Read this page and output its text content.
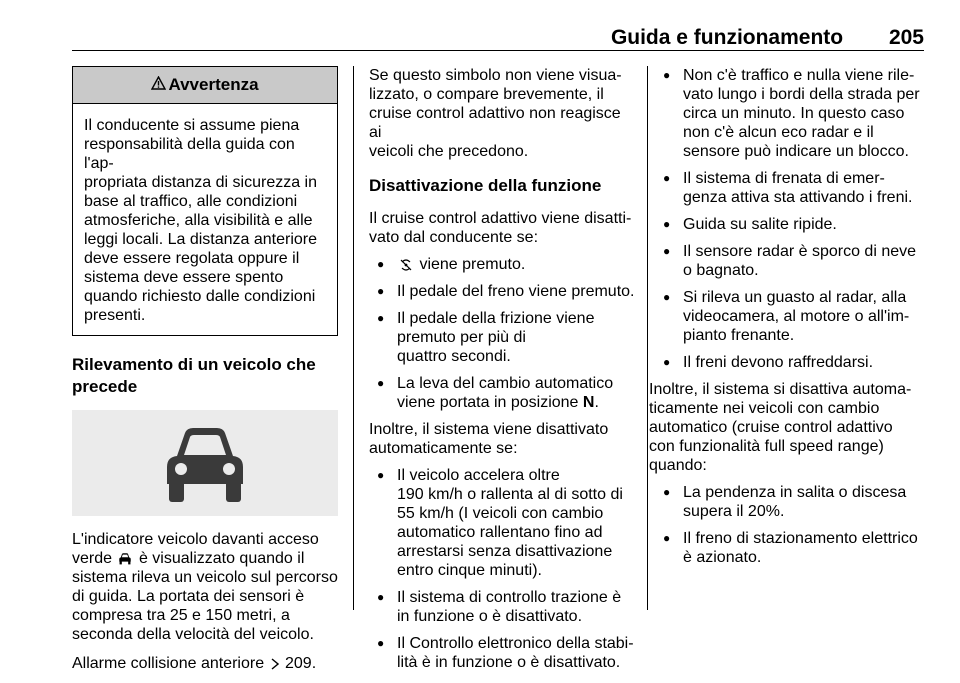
Guida e funzionamento 205
Avvertenza
Il conducente si assume piena
responsabilità della guida con l'ap-
propriata distanza di sicurezza in
base al traffico, alle condizioni
atmosferiche, alla visibilità e alle
leggi locali. La distanza anteriore
deve essere regolata oppure il
sistema deve essere spento
quando richiesto dalle condizioni
presenti.
Rilevamento di un veicolo che
precede

L'indicatore veicolo davanti acceso
verde è visualizzato quando il
sistema rileva un veicolo sul percorso
di guida. La portata dei sensori è
compresa tra 25 e 150 metri, a
seconda della velocità del veicolo.

Allarme collisione anteriore 209.

Se questo simbolo non viene visua-
lizzato, o compare brevemente, il
cruise control adattivo non reagisce ai
veicoli che precedono.

Disattivazione della funzione

Il cruise control adattivo viene disatti-
vato dal conducente se:

● viene premuto.
● Il pedale del freno viene premuto.
● Il pedale della frizione viene
premuto per più di
quattro secondi.
● La leva del cambio automatico
viene portata in posizione N.

Inoltre, il sistema viene disattivato
automaticamente se:

● Il veicolo accelera oltre
190 km/h o rallenta al di sotto di
55 km/h (I veicoli con cambio
automatico rallentano fino ad
arrestarsi senza disattivazione
entro cinque minuti).
● Il sistema di controllo trazione è
in funzione o è disattivato.
● Il Controllo elettronico della stabi-
lità è in funzione o è disattivato.
● Non c'è traffico e nulla viene rile-
vato lungo i bordi della strada per
circa un minuto. In questo caso
non c'è alcun eco radar e il
sensore può indicare un blocco.
● Il sistema di frenata di emer-
genza attiva sta attivando i freni.
● Guida su salite ripide.
● Il sensore radar è sporco di neve
o bagnato.
● Si rileva un guasto al radar, alla
videocamera, al motore o all'im-
pianto frenante.
● Il freni devono raffreddarsi.

Inoltre, il sistema si disattiva automa-
ticamente nei veicoli con cambio
automatico (cruise control adattivo
con funzionalità full speed range)
quando:

● La pendenza in salita o discesa
supera il 20%.
● Il freno di stazionamento elettrico
è azionato.
